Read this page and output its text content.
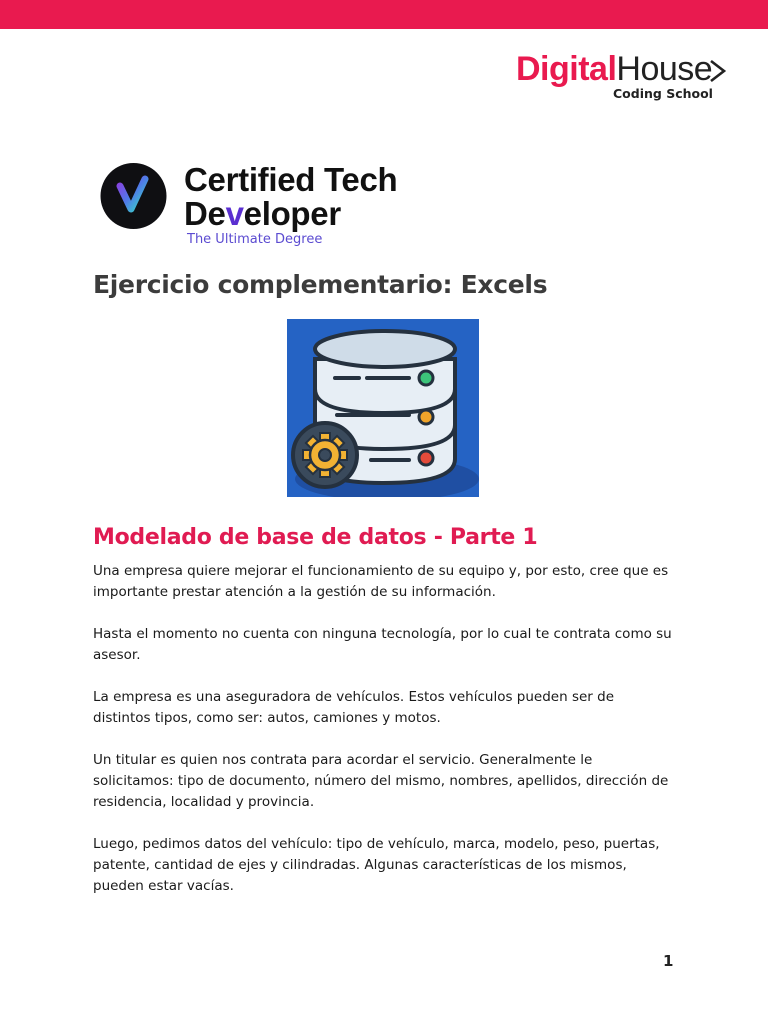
DigitalHouse
Coding School
Certified Tech
Developer
The Ultimate Degree
Ejercicio complementario: Excels
Modelado de base de datos - Parte 1

Una empresa quiere mejorar el funcionamiento de su equipo y, por esto, cree que es importante prestar atención a la gestión de su información.

Hasta el momento no cuenta con ninguna tecnología, por lo cual te contrata como su asesor.

La empresa es una aseguradora de vehículos. Estos vehículos pueden ser de distintos tipos, como ser: autos, camiones y motos.

Un titular es quien nos contrata para acordar el servicio. Generalmente le solicitamos: tipo de documento, número del mismo, nombres, apellidos, dirección de residencia, localidad y provincia.

Luego, pedimos datos del vehículo: tipo de vehículo, marca, modelo, peso, puertas, patente, cantidad de ejes y cilindradas. Algunas características de los mismos, pueden estar vacías.

1
